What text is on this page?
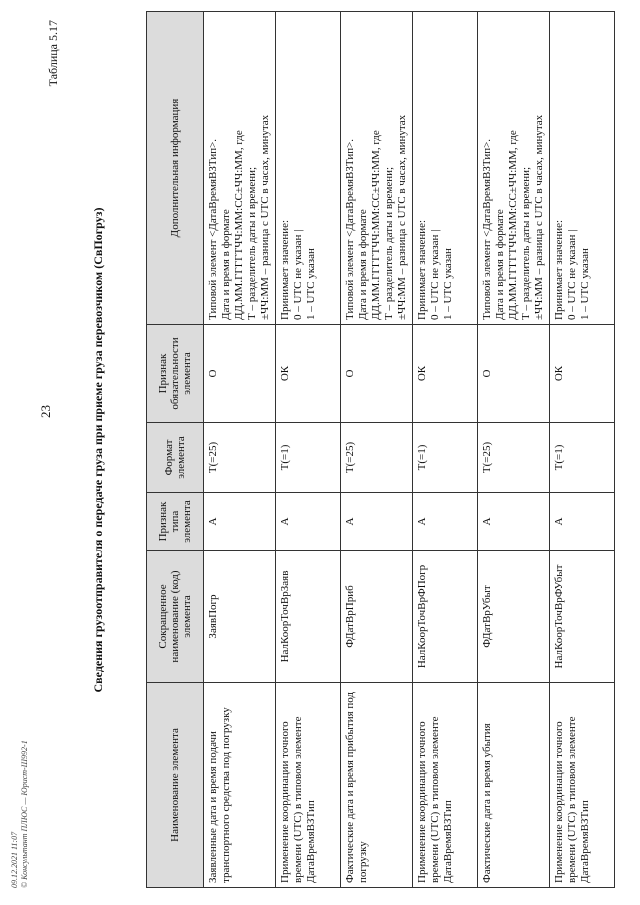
23
Таблица 5.17
Сведения грузоотправителя о передаче груза при приеме груза перевозчиком (СвПогруз)
Наименование элемента	Сокращенное наименование (код) элемента	Признак типа элемента	Формат элемента	Признак обязательности элемента	Дополнительная информация
Заявленные дата и время подачи транспортного средства под погрузку	ЗаявПогр	А	T(=25)	О	Типовой элемент <ДатаВремяВЗТип>. Дата и время в формате ДД.ММ.ГГГГТЧЧ:ММ:СС±ЧЧ:ММ, где Т – разделитель даты и времени; ±ЧЧ:ММ – разница с UTC в часах, минутах

Применение координации точного времени (UTC) в типовом элементе ДатаВремяВЗТип	НалКоорТочВрЗаяв	А	T(=1)	ОК	Принимает значение: 0 – UTC не указан | 1 – UTC указан

Фактические дата и время прибытия под погрузку	ФДатВрПриб	А	T(=25)	О	Типовой элемент <ДатаВремяВЗТип>. Дата и время в формате ДД.ММ.ГГГГТЧЧ:ММ:СС±ЧЧ:ММ, где Т – разделитель даты и времени; ±ЧЧ:ММ – разница с UTC в часах, минутах

Применение координации точного времени (UTC) в типовом элементе ДатаВремяВЗТип	НалКоорТочВрФПогр	А	T(=1)	ОК	Принимает значение: 0 – UTC не указан | 1 – UTC указан

Фактические дата и время убытия	ФДатВрУбыт	А	T(=25)	О	Типовой элемент <ДатаВремяВЗТип>. Дата и время в формате ДД.ММ.ГГГГТЧЧ:ММ:СС±ЧЧ:ММ, где Т – разделитель даты и времени; ±ЧЧ:ММ – разница с UTC в часах, минутах

Применение координации точного времени (UTC) в типовом элементе ДатаВремяВЗТип	НалКоорТочВрФУбыт	А	T(=1)	ОК	Принимает значение: 0 – UTC не указан | 1 – UTC указан
09.12.2021 11:07 © Консультант ПЛЮС — Юрист-Ш992-1
